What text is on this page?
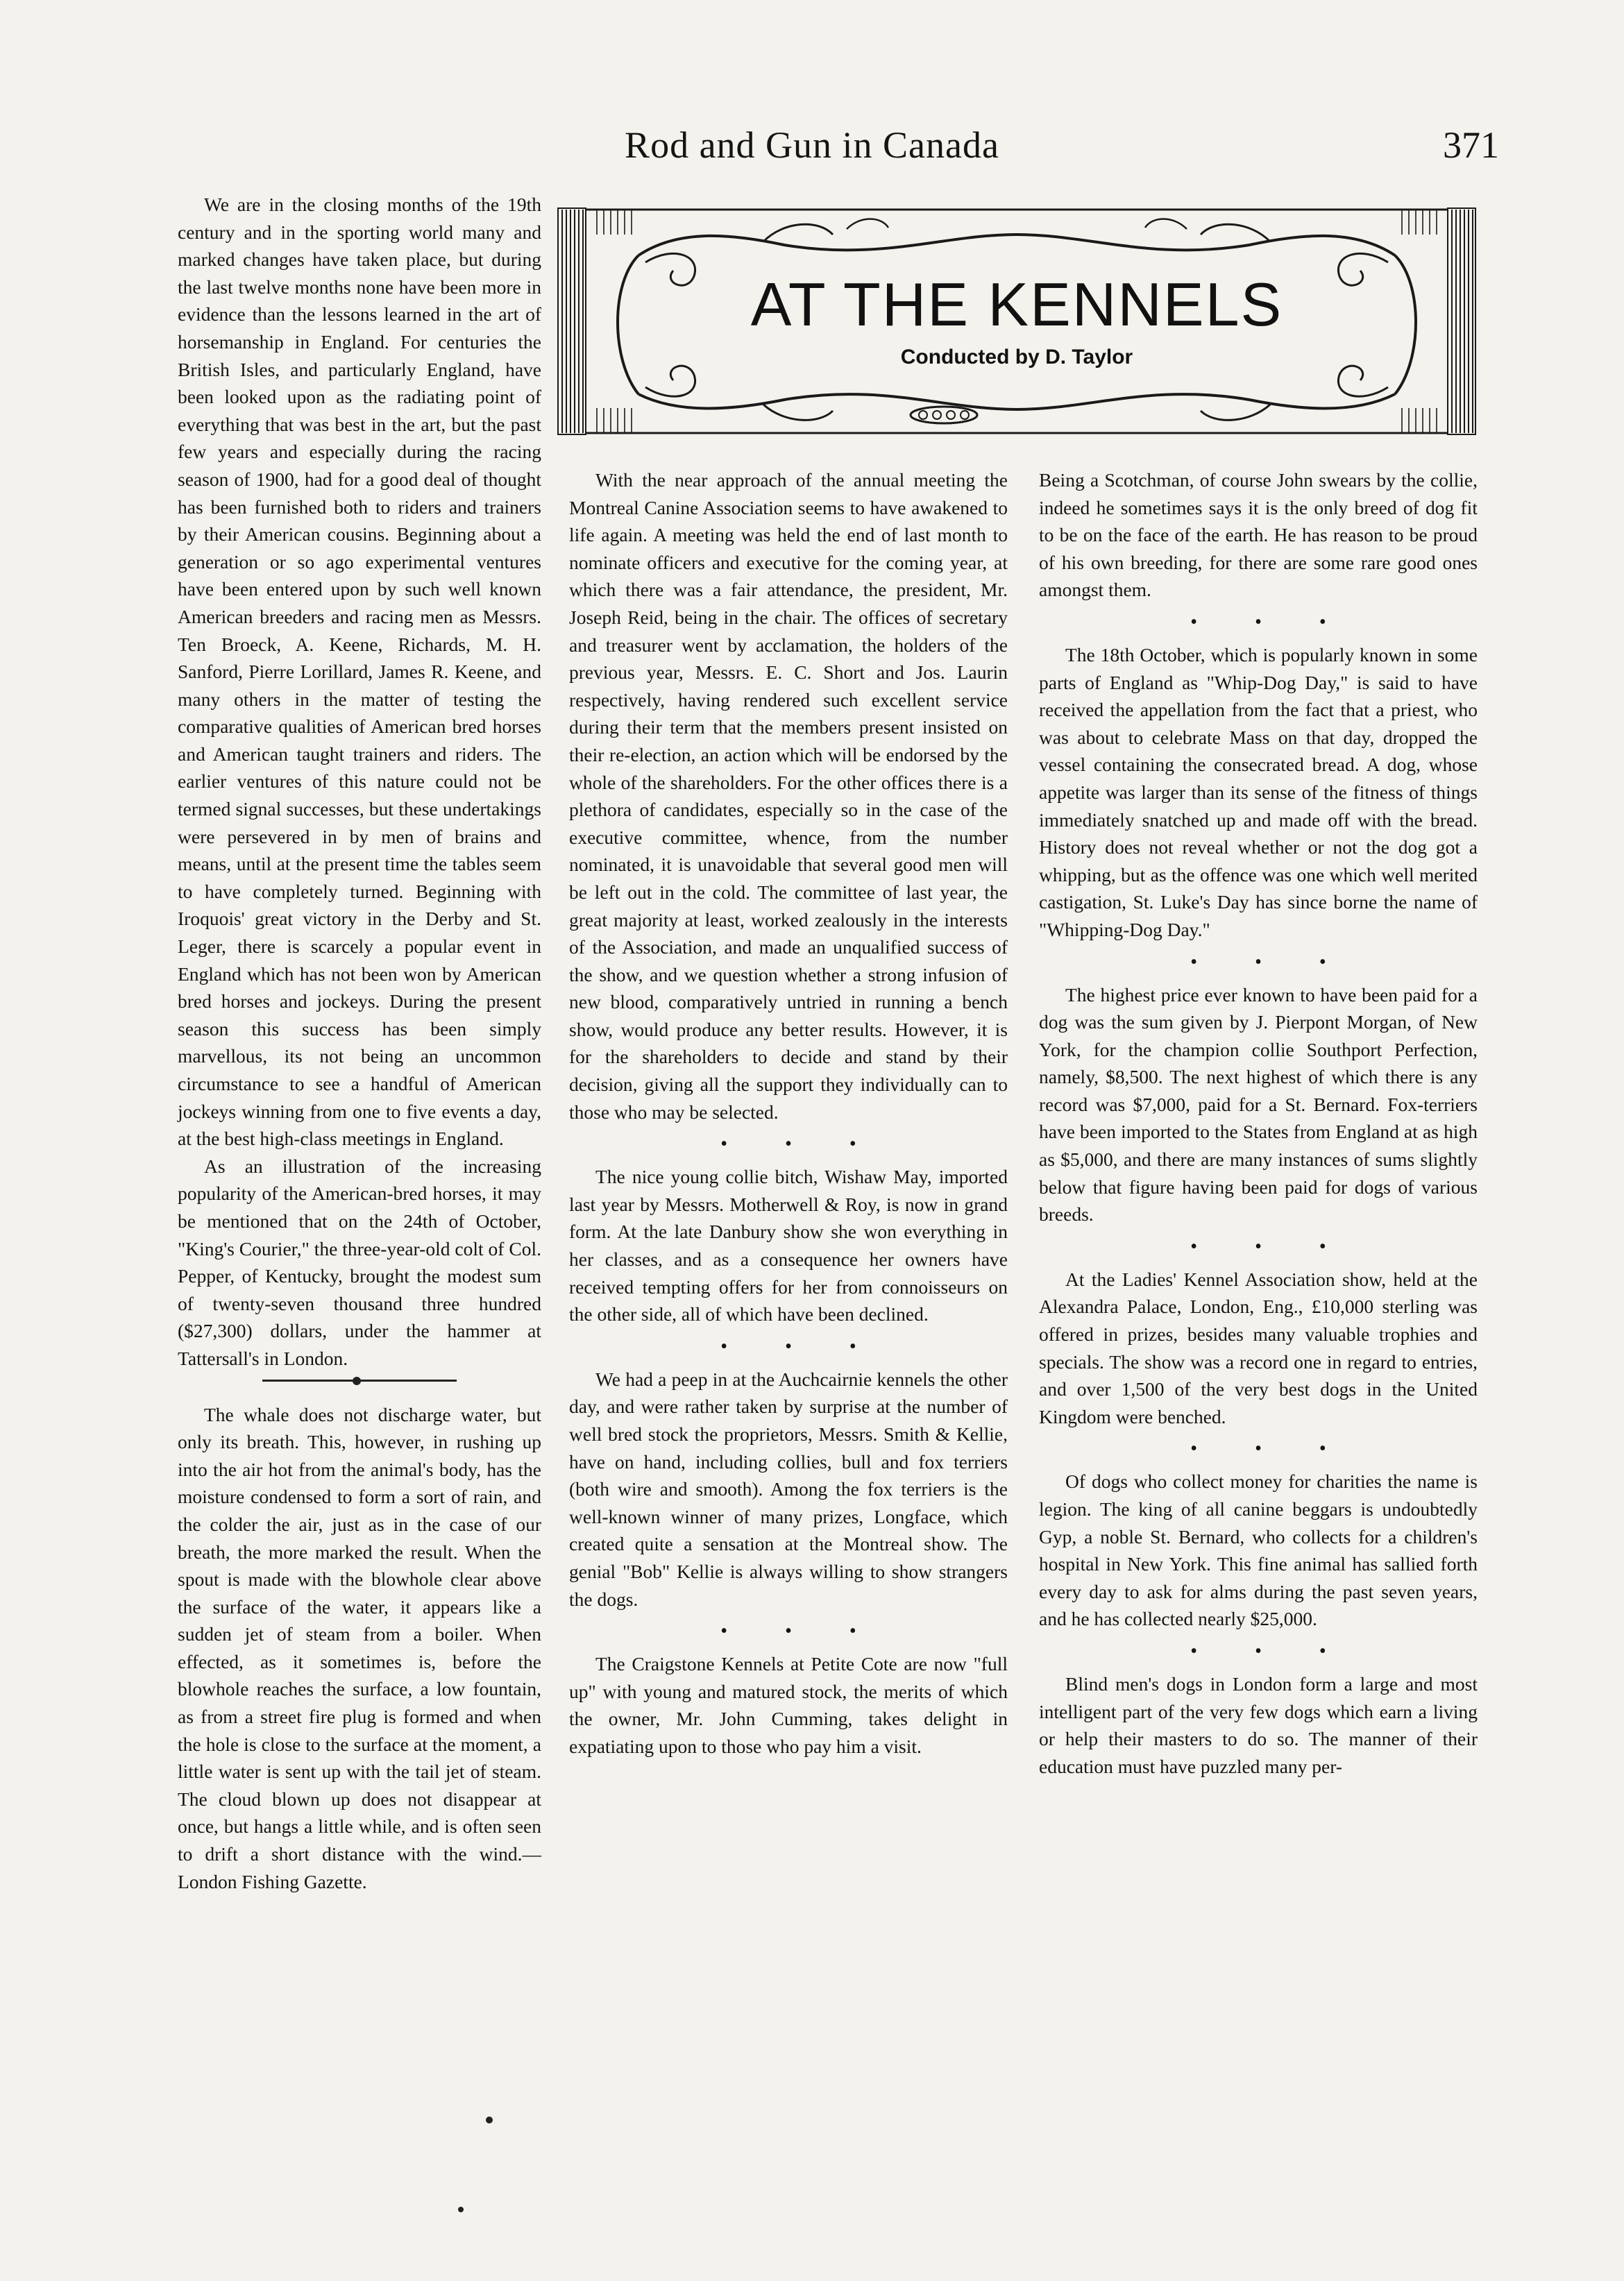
Rod and Gun in Canada	371
AT THE KENNELS
Conducted by D. Taylor

We are in the closing months of the 19th century and in the sporting world many and marked changes have taken place, but during the last twelve months none have been more in evidence than the lessons learned in the art of horsemanship in England. For centuries the British Isles, and particularly England, have been looked upon as the radiating point of everything that was best in the art, but the past few years and especially during the racing season of 1900, had for a good deal of thought has been furnished both to riders and trainers by their American cousins. Beginning about a generation or so ago experimental ventures have been entered upon by such well known American breeders and racing men as Messrs. Ten Broeck, A. Keene, Richards, M. H. Sanford, Pierre Lorillard, James R. Keene, and many others in the matter of testing the comparative qualities of American bred horses and American taught trainers and riders. The earlier ventures of this nature could not be termed signal successes, but these undertakings were persevered in by men of brains and means, until at the present time the tables seem to have completely turned. Beginning with Iroquois' great victory in the Derby and St. Leger, there is scarcely a popular event in England which has not been won by American bred horses and jockeys. During the present season this success has been simply marvellous, its not being an uncommon circumstance to see a handful of American jockeys winning from one to five events a day, at the best high-class meetings in England.

As an illustration of the increasing popularity of the American-bred horses, it may be mentioned that on the 24th of October, "King's Courier," the three-year-old colt of Col. Pepper, of Kentucky, brought the modest sum of twenty-seven thousand three hundred ($27,300) dollars, under the hammer at Tattersall's in London.

The whale does not discharge water, but only its breath. This, however, in rushing up into the air hot from the animal's body, has the moisture condensed to form a sort of rain, and the colder the air, just as in the case of our breath, the more marked the result. When the spout is made with the blowhole clear above the surface of the water, it appears like a sudden jet of steam from a boiler. When effected, as it sometimes is, before the blowhole reaches the surface, a low fountain, as from a street fire plug is formed and when the hole is close to the surface at the moment, a little water is sent up with the tail jet of steam. The cloud blown up does not disappear at once, but hangs a little while, and is often seen to drift a short distance with the wind.— London Fishing Gazette.

With the near approach of the annual meeting the Montreal Canine Association seems to have awakened to life again. A meeting was held the end of last month to nominate officers and executive for the coming year, at which there was a fair attendance, the president, Mr. Joseph Reid, being in the chair. The offices of secretary and treasurer went by acclamation, the holders of the previous year, Messrs. E. C. Short and Jos. Laurin respectively, having rendered such excellent service during their term that the members present insisted on their re-election, an action which will be endorsed by the whole of the shareholders. For the other offices there is a plethora of candidates, especially so in the case of the executive committee, whence, from the number nominated, it is unavoidable that several good men will be left out in the cold. The committee of last year, the great majority at least, worked zealously in the interests of the Association, and made an unqualified success of the show, and we question whether a strong infusion of new blood, comparatively untried in running a bench show, would produce any better results. However, it is for the shareholders to decide and stand by their decision, giving all the support they individually can to those who may be selected.

• • •

The nice young collie bitch, Wishaw May, imported last year by Messrs. Motherwell & Roy, is now in grand form. At the late Danbury show she won everything in her classes, and as a consequence her owners have received tempting offers for her from connoisseurs on the other side, all of which have been declined.

• • •

We had a peep in at the Auchcairnie kennels the other day, and were rather taken by surprise at the number of well bred stock the proprietors, Messrs. Smith & Kellie, have on hand, including collies, bull and fox terriers (both wire and smooth). Among the fox terriers is the well-known winner of many prizes, Longface, which created quite a sensation at the Montreal show. The genial "Bob" Kellie is always willing to show strangers the dogs.

• • •

The Craigstone Kennels at Petite Cote are now "full up" with young and matured stock, the merits of which the owner, Mr. John Cumming, takes delight in expatiating upon to those who pay him a visit.

Being a Scotchman, of course John swears by the collie, indeed he sometimes says it is the only breed of dog fit to be on the face of the earth. He has reason to be proud of his own breeding, for there are some rare good ones amongst them.

• • •

The 18th October, which is popularly known in some parts of England as "Whip-Dog Day," is said to have received the appellation from the fact that a priest, who was about to celebrate Mass on that day, dropped the vessel containing the consecrated bread. A dog, whose appetite was larger than its sense of the fitness of things immediately snatched up and made off with the bread. History does not reveal whether or not the dog got a whipping, but as the offence was one which well merited castigation, St. Luke's Day has since borne the name of "Whipping-Dog Day."

• • •

The highest price ever known to have been paid for a dog was the sum given by J. Pierpont Morgan, of New York, for the champion collie Southport Perfection, namely, $8,500. The next highest of which there is any record was $7,000, paid for a St. Bernard. Fox-terriers have been imported to the States from England at as high as $5,000, and there are many instances of sums slightly below that figure having been paid for dogs of various breeds.

• • •

At the Ladies' Kennel Association show, held at the Alexandra Palace, London, Eng., £10,000 sterling was offered in prizes, besides many valuable trophies and specials. The show was a record one in regard to entries, and over 1,500 of the very best dogs in the United Kingdom were benched.

• • •

Of dogs who collect money for charities the name is legion. The king of all canine beggars is undoubtedly Gyp, a noble St. Bernard, who collects for a children's hospital in New York. This fine animal has sallied forth every day to ask for alms during the past seven years, and he has collected nearly $25,000.

• • •

Blind men's dogs in London form a large and most intelligent part of the very few dogs which earn a living or help their masters to do so. The manner of their education must have puzzled many per-
